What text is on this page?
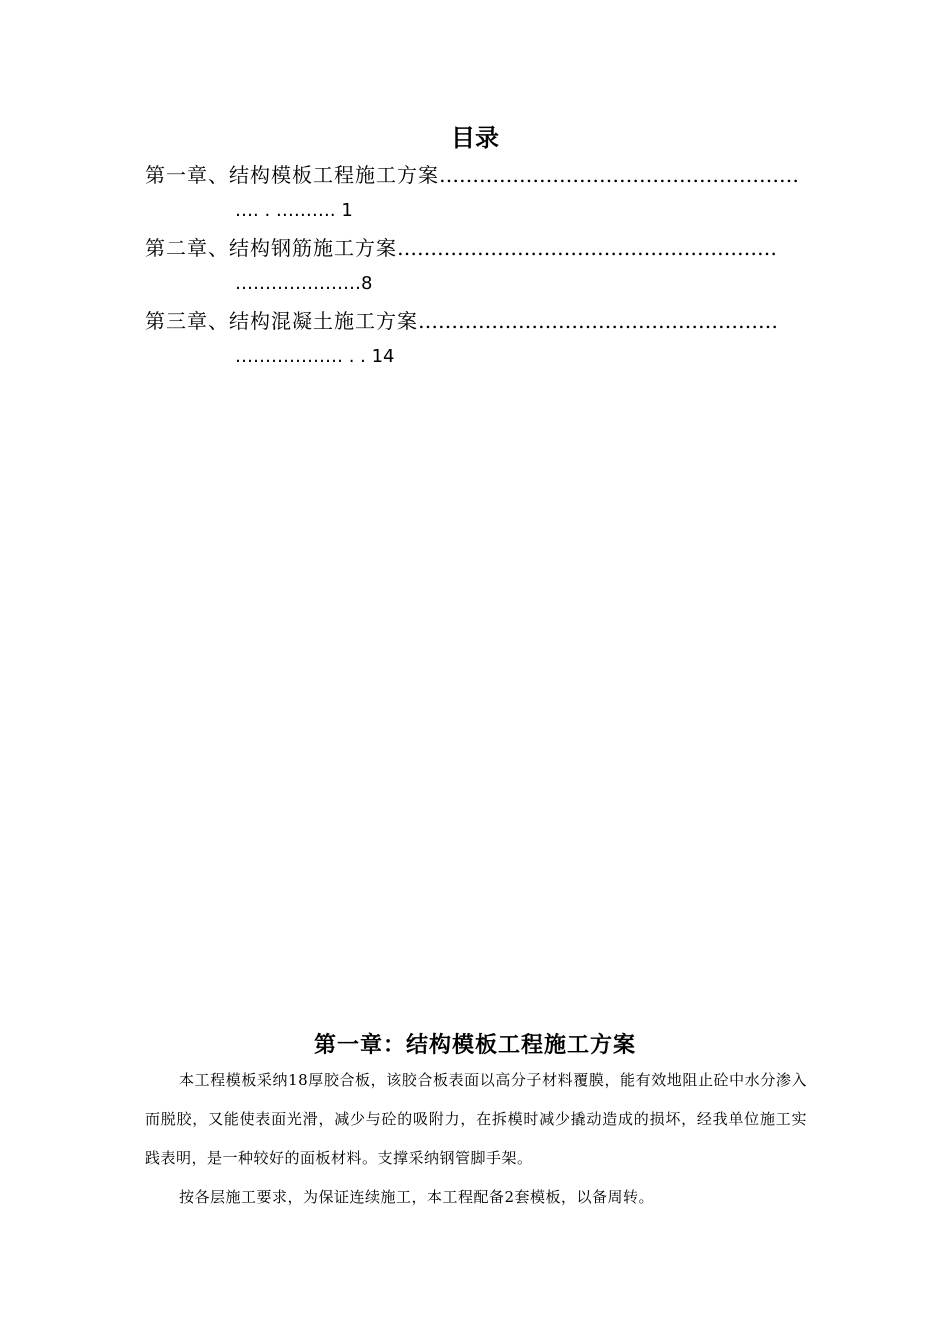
目录
第一章、结构模板工程施工方案………………………………………………
…. . ………. 1
第二章、结构钢筋施工方案…………………………………………………
…………………8
第三章、结构混凝土施工方案………………………………………………
……………… . . 14
第一章：结构模板工程施工方案

本工程模板采纳18厚胶合板，该胶合板表面以高分子材料覆膜，能有效地阻止砼中水分渗入而脱胶，又能使表面光滑，减少与砼的吸附力，在拆模时减少撬动造成的损坏，经我单位施工实践表明，是一种较好的面板材料。支撑采纳钢管脚手架。

按各层施工要求，为保证连续施工，本工程配备2套模板，以备周转。
